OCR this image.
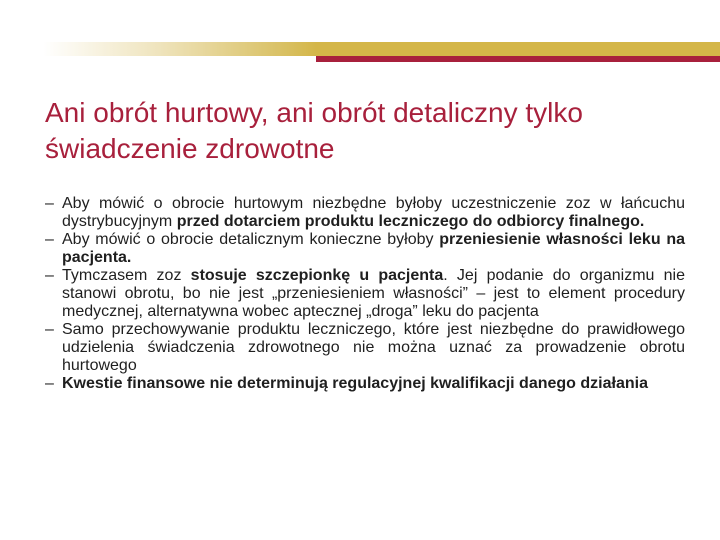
Ani obrót hurtowy, ani obrót detaliczny tylko świadczenie zdrowotne
– Aby mówić o obrocie hurtowym niezbędne byłoby uczestniczenie zoz w łańcuchu dystrybucyjnym przed dotarciem produktu leczniczego do odbiorcy finalnego.
– Aby mówić o obrocie detalicznym konieczne byłoby przeniesienie własności leku na pacjenta.
– Tymczasem zoz stosuje szczepionkę u pacjenta. Jej podanie do organizmu nie stanowi obrotu, bo nie jest „przeniesieniem własności” – jest to element procedury medycznej, alternatywna wobec aptecznej „droga” leku do pacjenta
– Samo przechowywanie produktu leczniczego, które jest niezbędne do prawidłowego udzielenia świadczenia zdrowotnego nie można uznać za prowadzenie obrotu hurtowego
– Kwestie finansowe nie determinują regulacyjnej kwalifikacji danego działania
